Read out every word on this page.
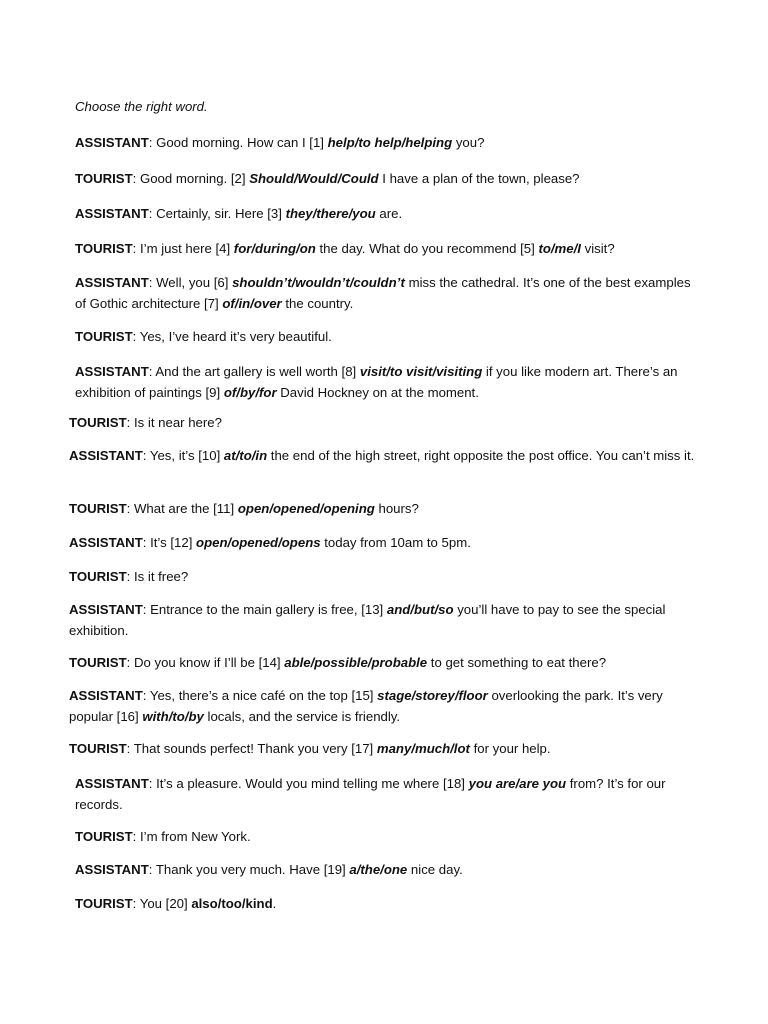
Choose the right word.
ASSISTANT: Good morning. How can I [1] help/to help/helping you?
TOURIST: Good morning. [2] Should/Would/Could I have a plan of the town, please?
ASSISTANT: Certainly, sir. Here [3] they/there/you are.
TOURIST: I’m just here [4] for/during/on the day. What do you recommend [5] to/me/I visit?
ASSISTANT: Well, you [6] shouldn’t/wouldn’t/couldn’t miss the cathedral. It’s one of the best examples of Gothic architecture [7] of/in/over the country.
TOURIST: Yes, I’ve heard it’s very beautiful.
ASSISTANT: And the art gallery is well worth [8] visit/to visit/visiting if you like modern art. There’s an exhibition of paintings [9] of/by/for David Hockney on at the moment.
TOURIST: Is it near here?
ASSISTANT: Yes, it’s [10] at/to/in the end of the high street, right opposite the post office. You can’t miss it.
TOURIST: What are the [11] open/opened/opening hours?
ASSISTANT: It’s [12] open/opened/opens today from 10am to 5pm.
TOURIST: Is it free?
ASSISTANT: Entrance to the main gallery is free, [13] and/but/so you’ll have to pay to see the special exhibition.
TOURIST: Do you know if I’ll be [14] able/possible/probable to get something to eat there?
ASSISTANT: Yes, there’s a nice café on the top [15] stage/storey/floor overlooking the park. It’s very popular [16] with/to/by locals, and the service is friendly.
TOURIST: That sounds perfect! Thank you very [17] many/much/lot for your help.
ASSISTANT: It’s a pleasure. Would you mind telling me where [18] you are/are you from? It’s for our records.
TOURIST: I’m from New York.
ASSISTANT: Thank you very much. Have [19] a/the/one nice day.
TOURIST: You [20] also/too/kind.
